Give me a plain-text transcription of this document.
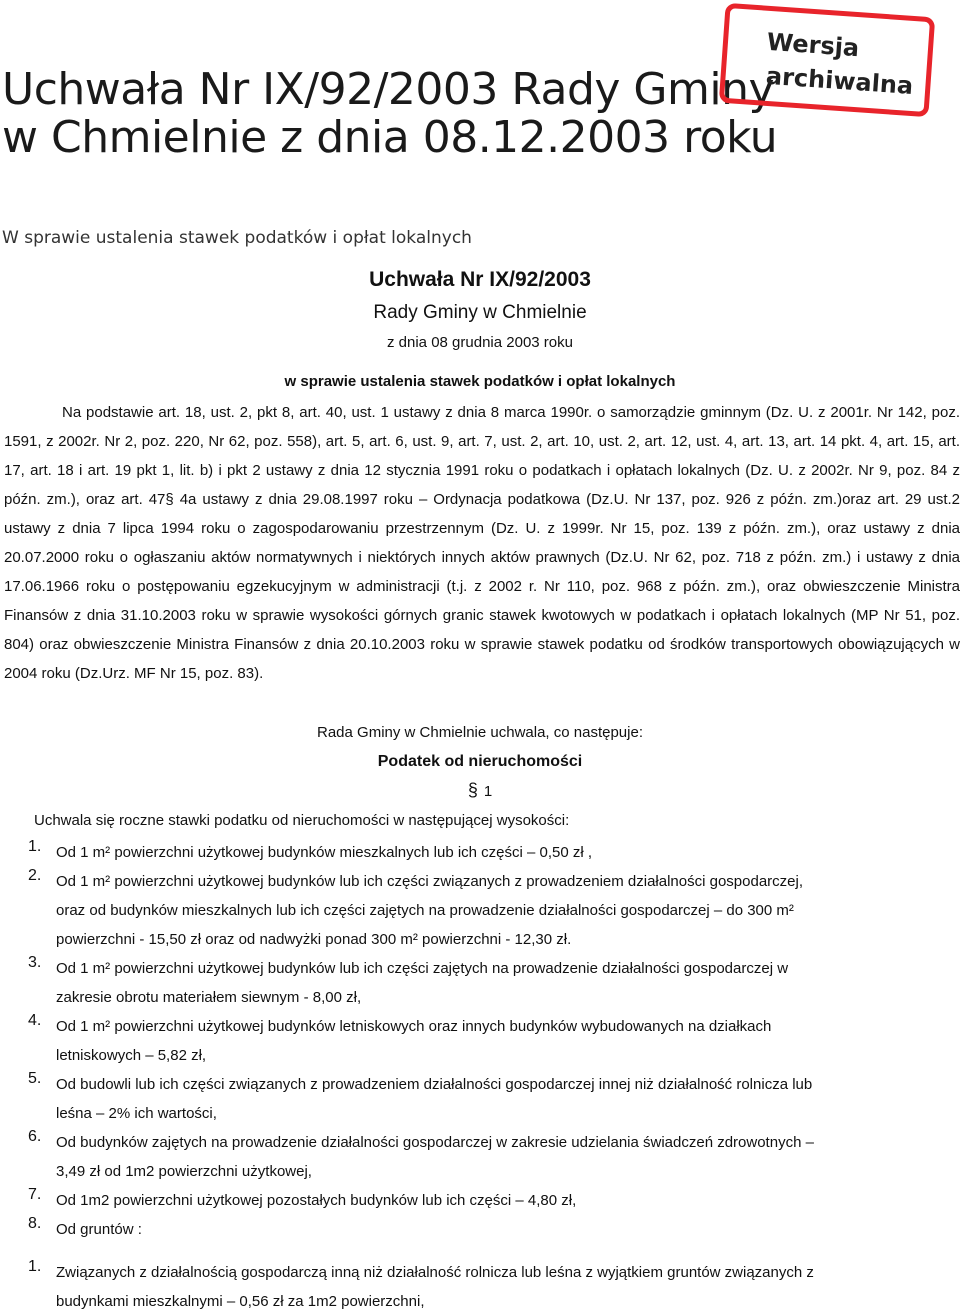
Uchwała Nr IX/92/2003 Rady Gminy w Chmielnie z dnia 08.12.2003 roku
Wersja
archiwalna
W sprawie ustalenia stawek podatków i opłat lokalnych
Uchwała Nr IX/92/2003
Rady Gminy w Chmielnie
z dnia 08 grudnia 2003 roku
w sprawie ustalenia stawek podatków i opłat lokalnych
Na podstawie art. 18, ust. 2, pkt 8, art. 40, ust. 1 ustawy z dnia 8 marca 1990r. o samorządzie gminnym (Dz. U. z 2001r. Nr 142, poz. 1591, z 2002r. Nr 2, poz. 220, Nr 62, poz. 558), art. 5, art. 6, ust. 9, art. 7, ust. 2, art. 10, ust. 2, art. 12, ust. 4, art. 13, art. 14 pkt. 4, art. 15, art. 17, art. 18 i art. 19 pkt 1, lit. b) i pkt 2 ustawy z dnia 12 stycznia 1991 roku o podatkach i opłatach lokalnych (Dz. U. z 2002r. Nr 9, poz. 84 z późn. zm.), oraz art. 47§ 4a ustawy z dnia 29.08.1997 roku – Ordynacja podatkowa (Dz.U. Nr 137, poz. 926 z późn. zm.)oraz art. 29 ust.2 ustawy z dnia 7 lipca 1994 roku o zagospodarowaniu przestrzennym (Dz. U. z 1999r. Nr 15, poz. 139 z późn. zm.), oraz ustawy z dnia 20.07.2000 roku o ogłaszaniu aktów normatywnych i niektórych innych aktów prawnych (Dz.U. Nr 62, poz. 718 z późn. zm.) i ustawy z dnia 17.06.1966 roku o postępowaniu egzekucyjnym w administracji (t.j. z 2002 r. Nr 110, poz. 968 z późn. zm.), oraz obwieszczenie Ministra Finansów z dnia 31.10.2003 roku w sprawie wysokości górnych granic stawek kwotowych w podatkach i opłatach lokalnych (MP Nr 51, poz. 804) oraz obwieszczenie Ministra Finansów z dnia 20.10.2003 roku w sprawie stawek podatku od środków transportowych obowiązujących w 2004 roku (Dz.Urz. MF Nr 15, poz. 83).
Rada Gminy w Chmielnie uchwala, co następuje:
Podatek od nieruchomości
§ 1
Uchwala się roczne stawki podatku od nieruchomości w następującej wysokości:
1. Od 1 m² powierzchni użytkowej budynków mieszkalnych lub ich części – 0,50 zł ,
2. Od 1 m² powierzchni użytkowej budynków lub ich części związanych z prowadzeniem działalności gospodarczej,
oraz od budynków mieszkalnych lub ich części zajętych na prowadzenie działalności gospodarczej – do 300 m²
powierzchni - 15,50 zł oraz od nadwyżki ponad 300 m² powierzchni - 12,30 zł.
3. Od 1 m² powierzchni użytkowej budynków lub ich części zajętych na prowadzenie działalności gospodarczej w
zakresie obrotu materiałem siewnym - 8,00 zł,
4. Od 1 m² powierzchni użytkowej budynków letniskowych oraz innych budynków wybudowanych na działkach
letniskowych – 5,82 zł,
5. Od budowli lub ich części związanych z prowadzeniem działalności gospodarczej innej niż działalność rolnicza lub
leśna – 2% ich wartości,
6. Od budynków zajętych na prowadzenie działalności gospodarczej w zakresie udzielania świadczeń zdrowotnych –
3,49 zł od 1m2 powierzchni użytkowej,
7. Od 1m2 powierzchni użytkowej pozostałych budynków lub ich części – 4,80 zł,
8. Od gruntów :
1. Związanych z działalnością gospodarczą inną niż działalność rolnicza lub leśna z wyjątkiem gruntów związanych z
budynkami mieszkalnymi – 0,56 zł za 1m2 powierzchni,
